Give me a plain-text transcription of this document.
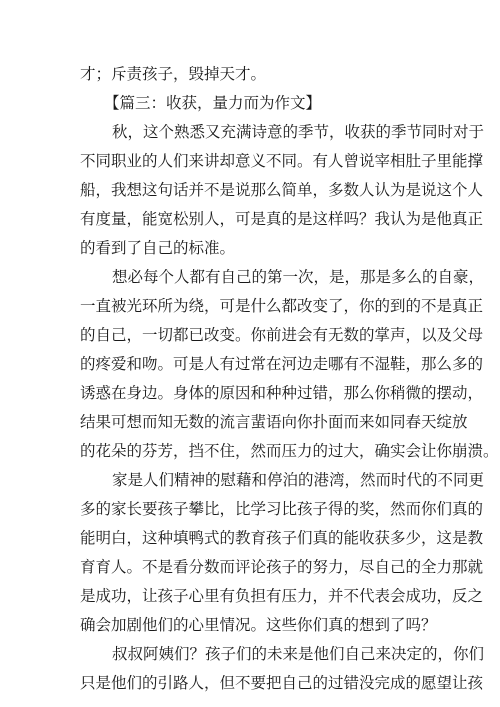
才；斥责孩子，毁掉天才。
【篇三：收获，量力而为作文】
秋，这个熟悉又充满诗意的季节，收获的季节同时对于
不同职业的人们来讲却意义不同。有人曾说宰相肚子里能撑
船，我想这句话并不是说那么简单，多数人认为是说这个人
有度量，能宽松别人，可是真的是这样吗？我认为是他真正
的看到了自己的标准。
想必每个人都有自己的第一次，是，那是多么的自豪，
一直被光环所为绕，可是什么都改变了，你的到的不是真正
的自己，一切都已改变。你前进会有无数的掌声，以及父母
的疼爱和吻。可是人有过常在河边走哪有不湿鞋，那么多的
诱惑在身边。身体的原因和种种过错，那么你稍微的摆动，
结果可想而知无数的流言蜚语向你扑面而来如同春天绽放
的花朵的芬芳，挡不住，然而压力的过大，确实会让你崩溃。
家是人们精神的慰藉和停泊的港湾，然而时代的不同更
多的家长要孩子攀比，比学习比孩子得的奖，然而你们真的
能明白，这种填鸭式的教育孩子们真的能收获多少，这是教
育育人。不是看分数而评论孩子的努力，尽自己的全力那就
是成功，让孩子心里有负担有压力，并不代表会成功，反之
确会加剧他们的心里情况。这些你们真的想到了吗？
叔叔阿姨们？孩子们的未来是他们自己来决定的，你们
只是他们的引路人，但不要把自己的过错没完成的愿望让孩
